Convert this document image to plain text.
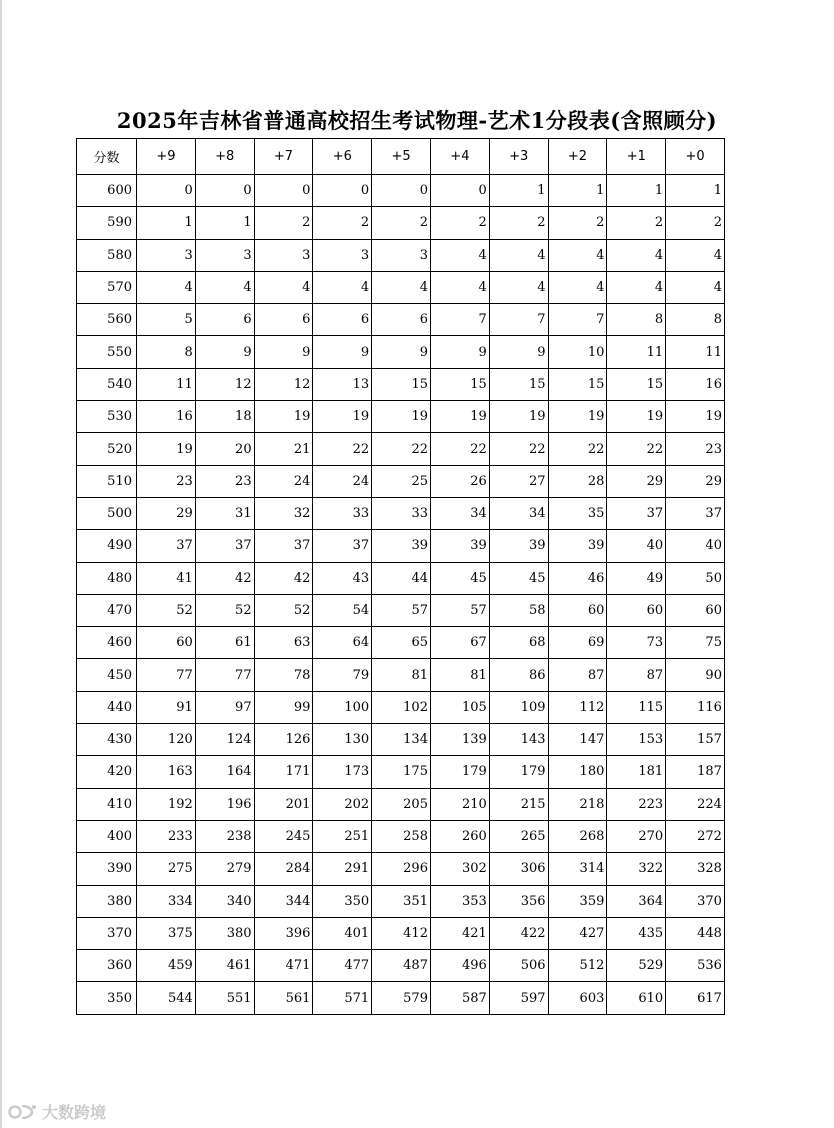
2025年吉林省普通高校招生考试物理-艺术1分段表(含照顾分)
分数	+9	+8	+7	+6	+5	+4	+3	+2	+1	+0
600	0	0	0	0	0	0	1	1	1	1
590	1	1	2	2	2	2	2	2	2	2
580	3	3	3	3	3	4	4	4	4	4
570	4	4	4	4	4	4	4	4	4	4
560	5	6	6	6	6	7	7	7	8	8
550	8	9	9	9	9	9	9	10	11	11
540	11	12	12	13	15	15	15	15	15	16
530	16	18	19	19	19	19	19	19	19	19
520	19	20	21	22	22	22	22	22	22	23
510	23	23	24	24	25	26	27	28	29	29
500	29	31	32	33	33	34	34	35	37	37
490	37	37	37	37	39	39	39	39	40	40
480	41	42	42	43	44	45	45	46	49	50
470	52	52	52	54	57	57	58	60	60	60
460	60	61	63	64	65	67	68	69	73	75
450	77	77	78	79	81	81	86	87	87	90
440	91	97	99	100	102	105	109	112	115	116
430	120	124	126	130	134	139	143	147	153	157
420	163	164	171	173	175	179	179	180	181	187
410	192	196	201	202	205	210	215	218	223	224
400	233	238	245	251	258	260	265	268	270	272
390	275	279	284	291	296	302	306	314	322	328
380	334	340	344	350	351	353	356	359	364	370
370	375	380	396	401	412	421	422	427	435	448
360	459	461	471	477	487	496	506	512	529	536
350	544	551	561	571	579	587	597	603	610	617
大数跨境
